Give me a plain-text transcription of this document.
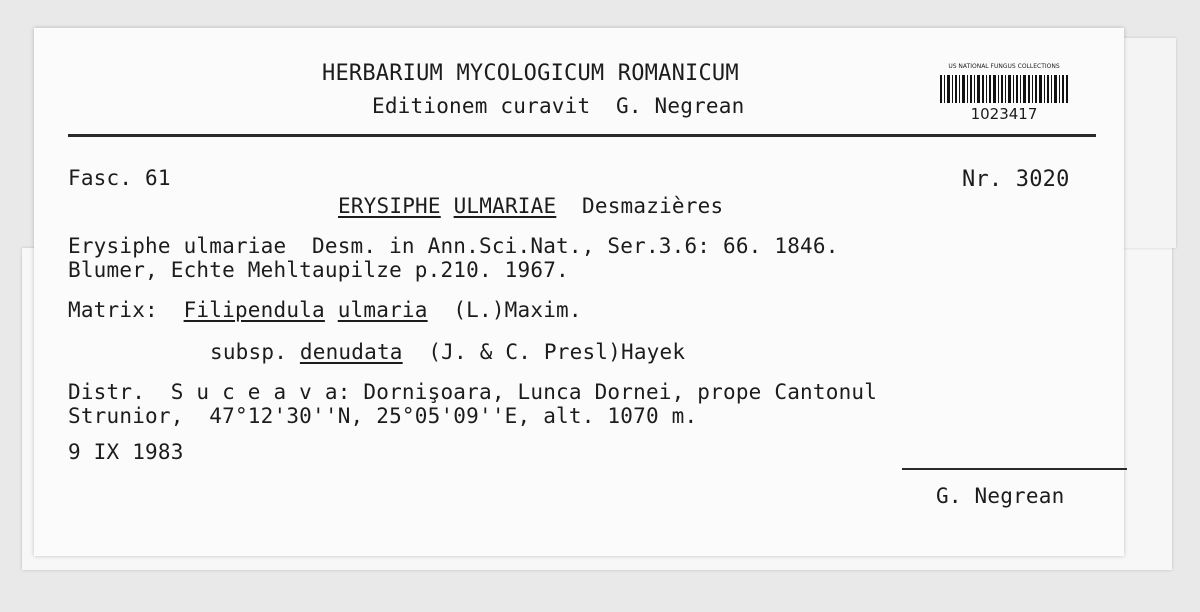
HERBARIUM MYCOLOGICUM ROMANICUM
Editionem curavit  G. Negrean
US NATIONAL FUNGUS COLLECTIONS
1023417
Fasc. 61	Nr. 3020
ERYSIPHE ULMARIAE Desmazières
Erysiphe ulmariae  Desm. in Ann.Sci.Nat., Ser.3.6: 66. 1846.
Blumer, Echte Mehltaupilze p.210. 1967.
Matrix: Filipendula ulmaria (L.)Maxim.
subsp. denudata (J. & C. Presl)Hayek
Distr.  S u c e a v a: Dornişoara, Lunca Dornei, prope Cantonul
Strunior,  47°12'30''N, 25°05'09''E, alt. 1070 m.
9 IX 1983
G. Negrean
